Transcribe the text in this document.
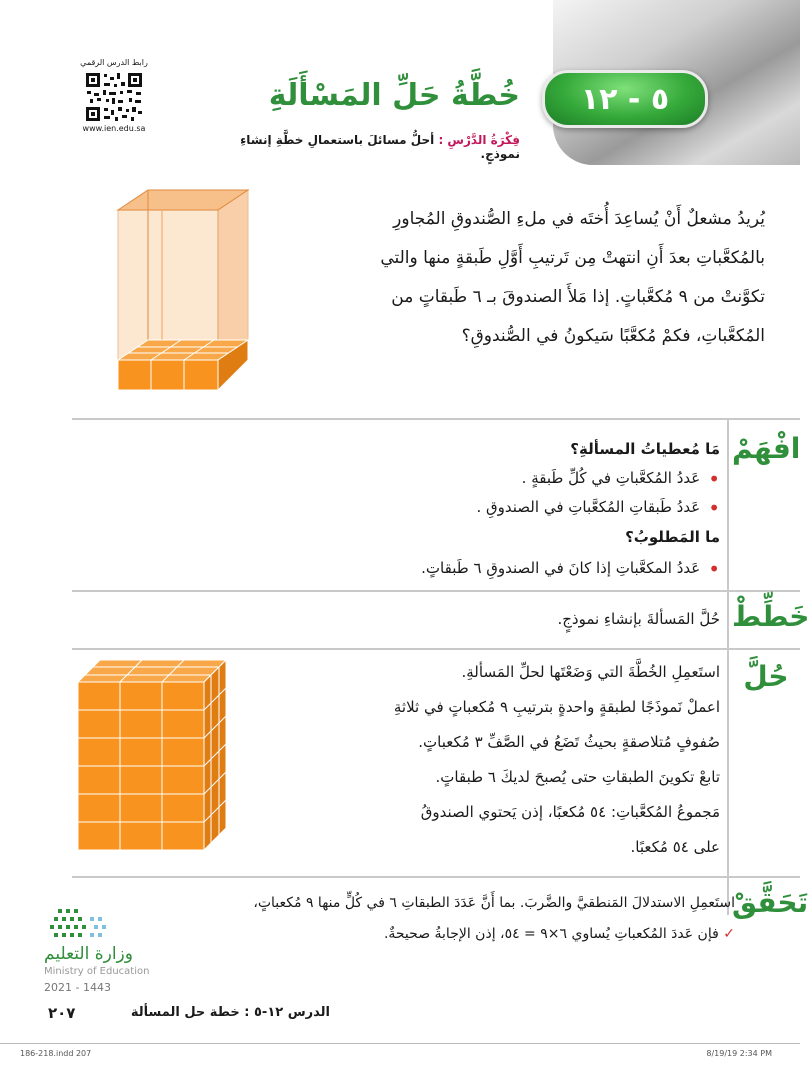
٥ - ١٢
خُطَّةُ حَلِّ المَسْأَلَةِ
فِكْرَةُ الدَّرْسِ : أحلُّ مسائلَ باستعمالِ خطَّةِ إنشاءِ نموذجٍ.
رابط الدرس الرقمي
www.ien.edu.sa
يُريدُ مشعلٌ أَنْ يُساعِدَ أُختَه في ملءِ الصُّندوقِ المُجاورِ
بالمُكعَّباتِ بعدَ أَنِ انتهتْ مِن تَرتيبِ أَوَّلِ طَبقةٍ منها والتي
تكوَّنتْ من ٩ مُكعَّباتٍ. إذا مَلأَ الصندوقَ بـ ٦ طَبقاتٍ من
المُكعَّباتِ، فكمْ مُكعَّبًا سَيكونُ في الصُّندوقِ؟
افْهَمْ
مَا مُعطياتُ المسألةِ؟
• عَددُ المُكعَّباتِ في كُلِّ طَبقةٍ .
• عَددُ طَبقاتِ المُكعَّباتِ في الصندوقِ .
ما المَطلوبُ؟
• عَددُ المكعَّباتِ إذا كانَ في الصندوقِ ٦ طَبقاتٍ.
خَطِّطْ
حُلَّ المَسألةَ بإنشاءِ نموذجٍ.
حُلَّ
استَعمِلِ الخُطَّةَ التي وَضَعْتَها لحلِّ المَسألةِ.
اعملْ نَموذَجًا لطبقةٍ واحدةٍ بترتيبِ ٩ مُكعباتٍ في ثلاثةِ
صُفوفٍ مُتلاصقةٍ بحيثُ تَضَعُ في الصَّفِّ ٣ مُكعباتٍ.
تابعْ تكوينَ الطبقاتِ حتى يُصبحَ لديكَ ٦ طبقاتٍ.
مَجموعُ المُكعَّباتِ: ٥٤ مُكعبًا، إذن يَحتوي الصندوقُ
على ٥٤ مُكعبًا.
تَحَقَّقْ
استَعمِلِ الاستدلالَ المَنطقيَّ والضَّربَ. بما أَنَّ عَدَدَ الطبقاتِ ٦ في كُلٍّ منها ٩ مُكعباتٍ،
✓ فإن عَددَ المُكعباتِ يُساوي ٦×٩ = ٥٤، إذن الإجابةُ صحيحةٌ.
وزارة التعليم
Ministry of Education
2021 - 1443
٢٠٧	الدرس ١٢-٥ : خطة حل المسألة
186-218.indd 207	8/19/19 2:34 PM
